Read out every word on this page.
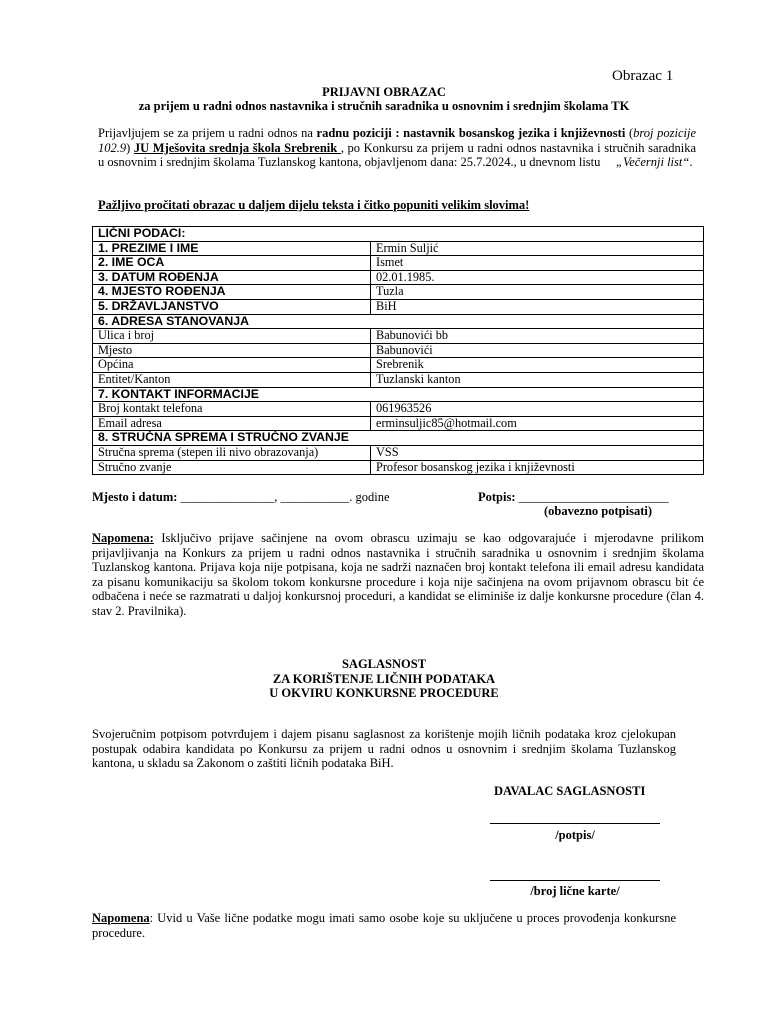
Obrazac 1
PRIJAVNI OBRAZAC
za prijem u radni odnos nastavnika i stručnih saradnika u osnovnim i srednjim školama TK
Prijavljujem se za prijem u radni odnos na radnu poziciji : nastavnik bosanskog jezika i književnosti (broj pozicije 102.9) JU Mješovita srednja škola Srebrenik , po Konkursu za prijem u radni odnos nastavnika i stručnih saradnika u osnovnim i srednjim školama Tuzlanskog kantona, objavljenom dana: 25.7.2024., u dnevnom listu     „Večernji list“.
Pažljivo pročitati obrazac u daljem dijelu teksta i čitko popuniti velikim slovima!
LIČNI PODACI:	
1. PREZIME I IME	Ermin Suljić
2. IME OCA	Ismet
3. DATUM ROĐENJA	02.01.1985.
4. MJESTO ROĐENJA	Tuzla
5. DRŽAVLJANSTVO	BiH
6. ADRESA STANOVANJA	
Ulica i broj	Babunovići bb
Mjesto	Babunovići
Općina	Srebrenik
Entitet/Kanton	Tuzlanski kanton
7. KONTAKT INFORMACIJE	
Broj kontakt telefona	061963526
Email adresa	erminsuljic85@hotmail.com
8. STRUČNA SPREMA I STRUČNO ZVANJE	
Stručna sprema (stepen ili nivo obrazovanja)	VSS
Stručno zvanje	Profesor bosanskog jezika i književnosti
Mjesto i datum: _______________, ___________. godine	Potpis: ________________________
(obavezno potpisati)
Napomena: Isključivo prijave sačinjene na ovom obrascu uzimaju se kao odgovarajuće i mjerodavne prilikom prijavljivanja na Konkurs za prijem u radni odnos nastavnika i stručnih saradnika u osnovnim i srednjim školama Tuzlanskog kantona. Prijava koja nije potpisana, koja ne sadrži naznačen broj kontakt telefona ili email adresu kandidata za pisanu komunikaciju sa školom tokom konkursne procedure i koja nije sačinjena na ovom prijavnom obrascu bit će odbačena i neće se razmatrati u daljoj konkursnoj proceduri, a kandidat se eliminiše iz dalje konkursne procedure (član 4. stav 2. Pravilnika).
SAGLASNOST
ZA KORIŠTENJE LIČNIH PODATAKA
U OKVIRU KONKURSNE PROCEDURE
Svojeručnim potpisom potvrđujem i dajem pisanu saglasnost za korištenje mojih ličnih podataka kroz cjelokupan postupak odabira kandidata po Konkursu za prijem u radni odnos u osnovnim i srednjim školama Tuzlanskog kantona, u skladu sa Zakonom o zaštiti ličnih podataka BiH.
DAVALAC SAGLASNOSTI
/potpis/
/broj lične karte/
Napomena: Uvid u Vaše lične podatke mogu imati samo osobe koje su uključene u proces provođenja konkursne procedure.
